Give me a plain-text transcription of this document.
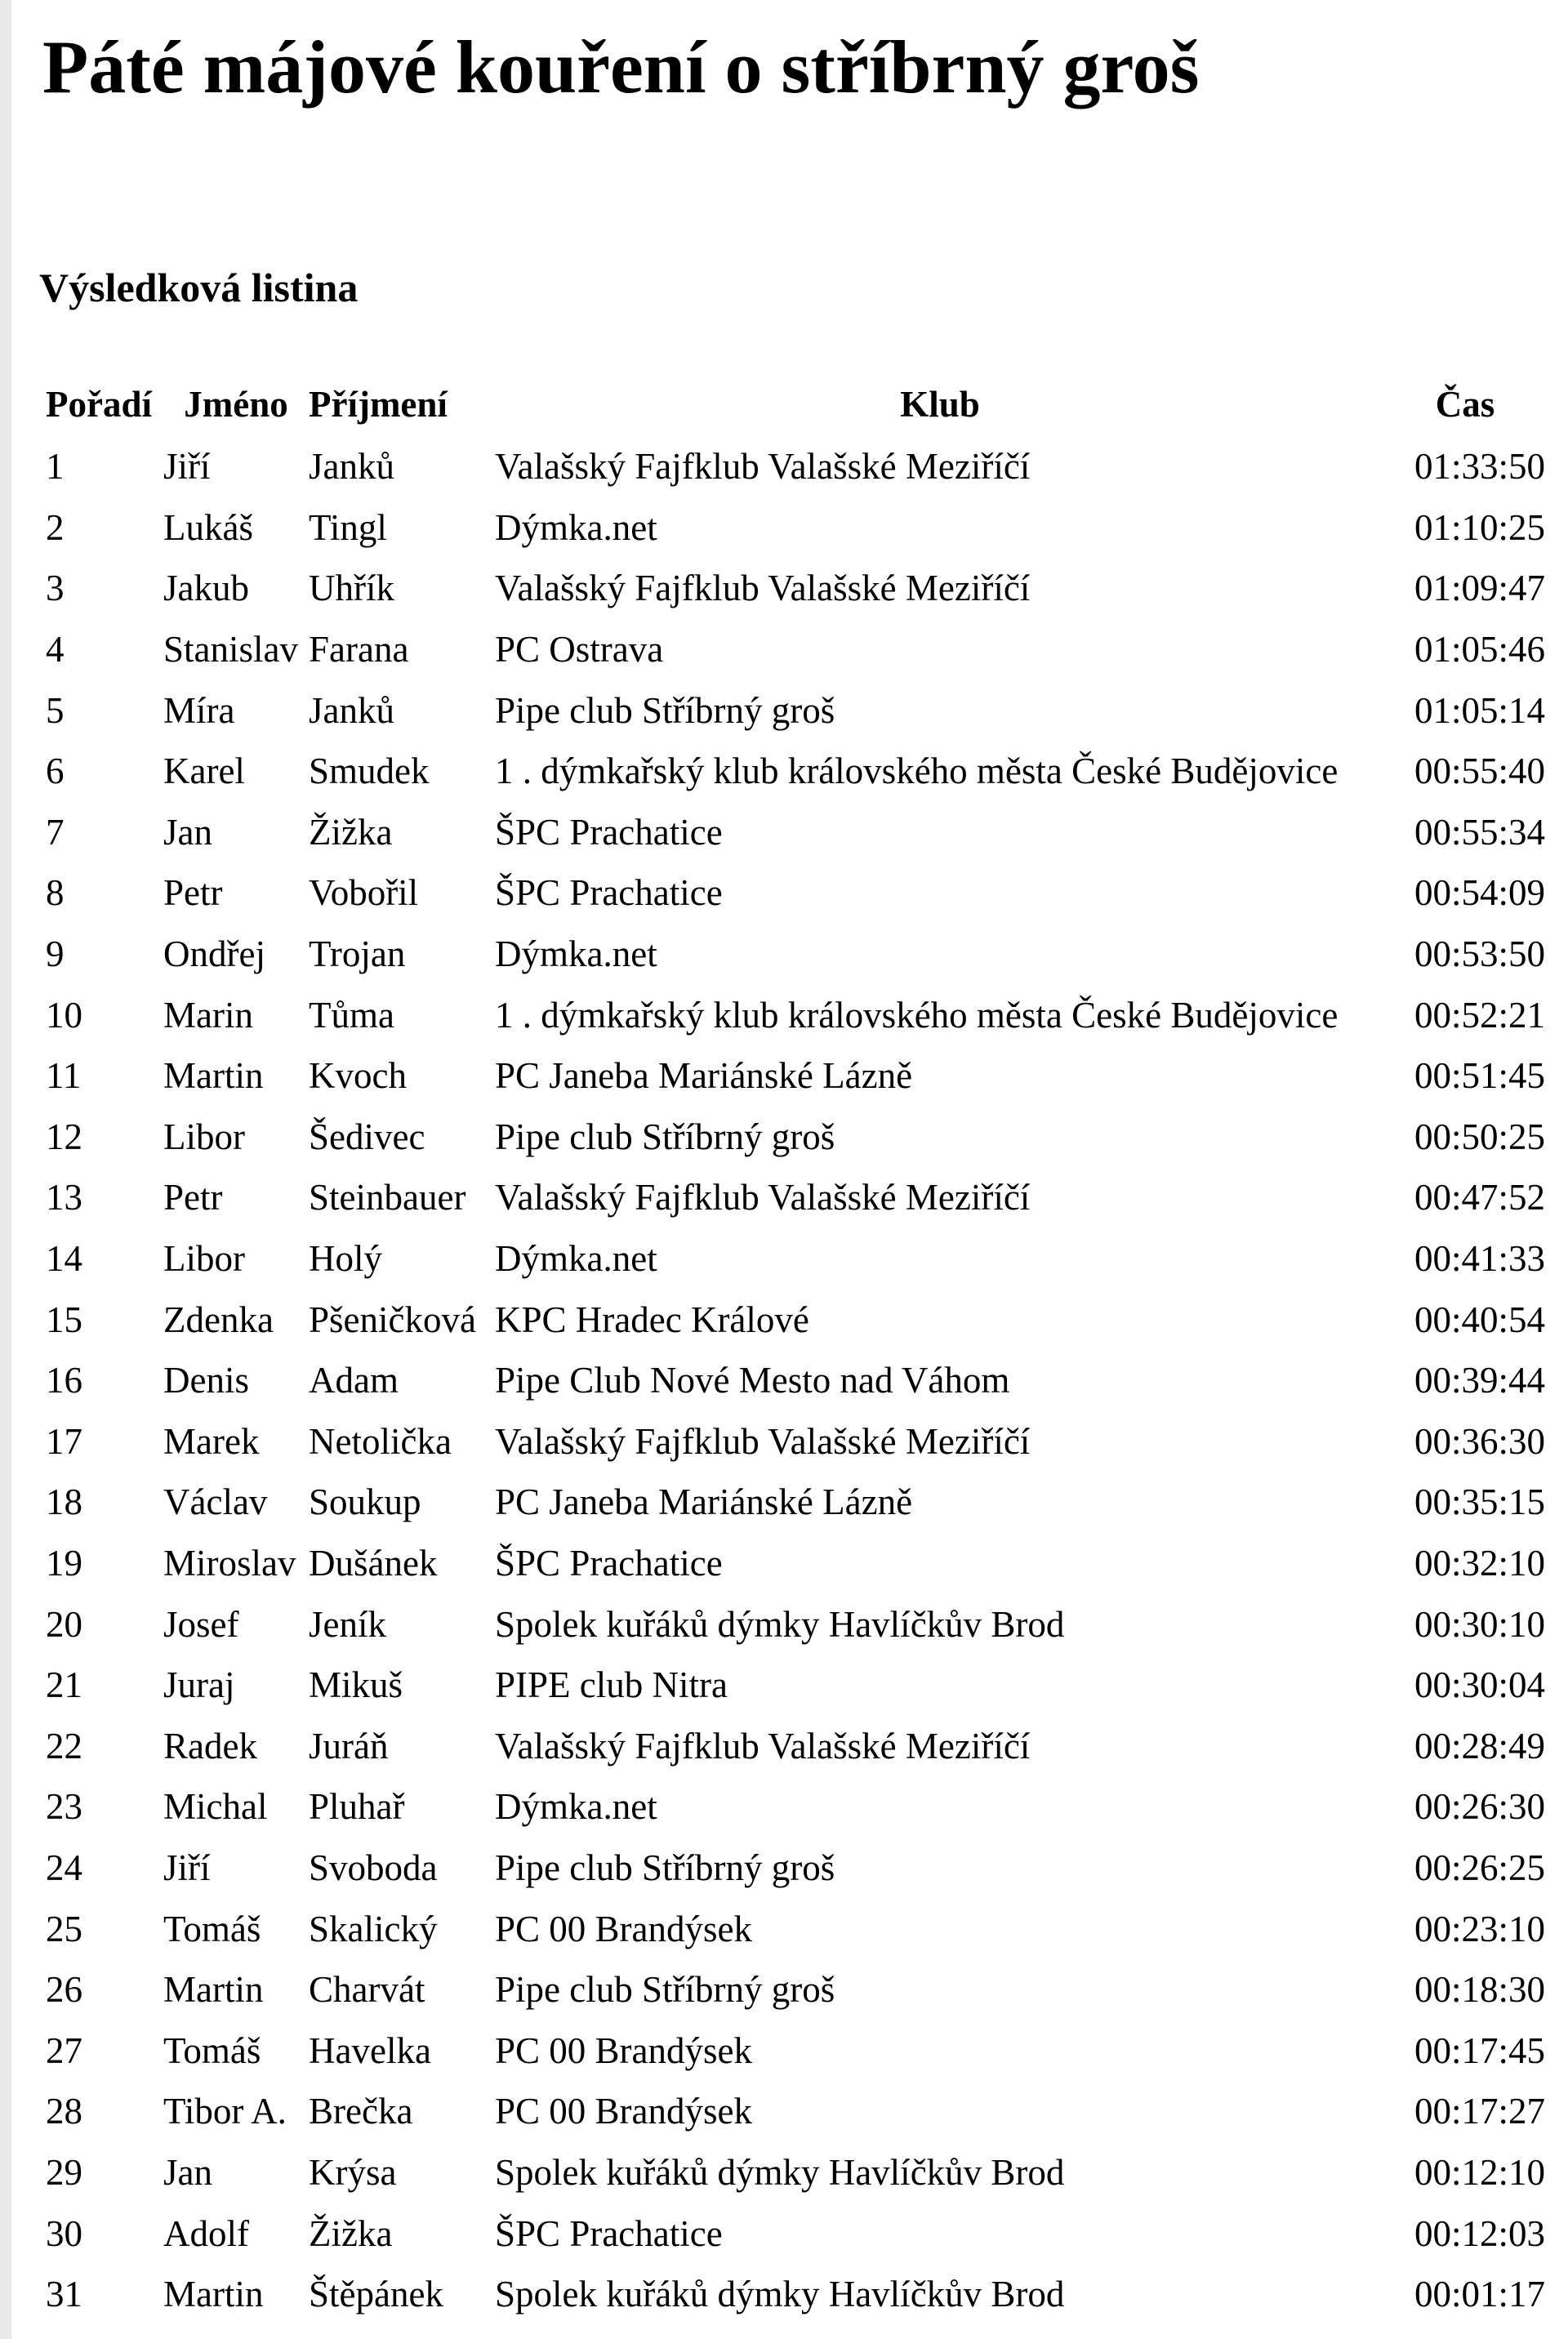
Páté májové kouření o stříbrný groš
Výsledková listina
Pořadí	Jméno	Příjmení	Klub	Čas
1	Jiří	Janků	Valašský Fajfklub Valašské Meziříčí	01:33:50
2	Lukáš	Tingl	Dýmka.net	01:10:25
3	Jakub	Uhřík	Valašský Fajfklub Valašské Meziříčí	01:09:47
4	Stanislav	Farana	PC Ostrava	01:05:46
5	Míra	Janků	Pipe club Stříbrný groš	01:05:14
6	Karel	Smudek	1 . dýmkařský klub královského města České Budějovice	00:55:40
7	Jan	Žižka	ŠPC Prachatice	00:55:34
8	Petr	Vobořil	ŠPC Prachatice	00:54:09
9	Ondřej	Trojan	Dýmka.net	00:53:50
10	Marin	Tůma	1 . dýmkařský klub královského města České Budějovice	00:52:21
11	Martin	Kvoch	PC Janeba Mariánské Lázně	00:51:45
12	Libor	Šedivec	Pipe club Stříbrný groš	00:50:25
13	Petr	Steinbauer	Valašský Fajfklub Valašské Meziříčí	00:47:52
14	Libor	Holý	Dýmka.net	00:41:33
15	Zdenka	Pšeničková	KPC Hradec Králové	00:40:54
16	Denis	Adam	Pipe Club Nové Mesto nad Váhom	00:39:44
17	Marek	Netolička	Valašský Fajfklub Valašské Meziříčí	00:36:30
18	Václav	Soukup	PC Janeba Mariánské Lázně	00:35:15
19	Miroslav	Dušánek	ŠPC Prachatice	00:32:10
20	Josef	Jeník	Spolek kuřáků dýmky Havlíčkův Brod	00:30:10
21	Juraj	Mikuš	PIPE club Nitra	00:30:04
22	Radek	Juráň	Valašský Fajfklub Valašské Meziříčí	00:28:49
23	Michal	Pluhař	Dýmka.net	00:26:30
24	Jiří	Svoboda	Pipe club Stříbrný groš	00:26:25
25	Tomáš	Skalický	PC 00 Brandýsek	00:23:10
26	Martin	Charvát	Pipe club Stříbrný groš	00:18:30
27	Tomáš	Havelka	PC 00 Brandýsek	00:17:45
28	Tibor A.	Brečka	PC 00 Brandýsek	00:17:27
29	Jan	Krýsa	Spolek kuřáků dýmky Havlíčkův Brod	00:12:10
30	Adolf	Žižka	ŠPC Prachatice	00:12:03
31	Martin	Štěpánek	Spolek kuřáků dýmky Havlíčkův Brod	00:01:17
